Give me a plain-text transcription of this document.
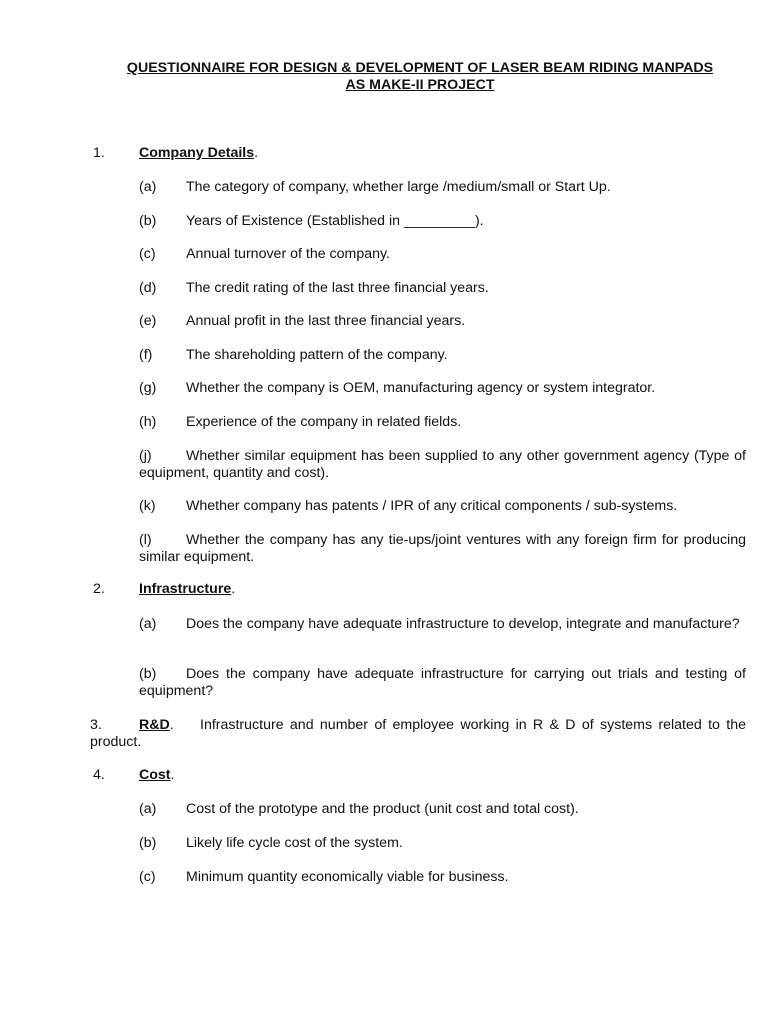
QUESTIONNAIRE FOR DESIGN & DEVELOPMENT OF LASER BEAM RIDING MANPADS
AS MAKE-II PROJECT
1. Company Details.
(a) The category of company, whether large /medium/small or Start Up.
(b) Years of Existence (Established in _________).
(c) Annual turnover of the company.
(d) The credit rating of the last three financial years.
(e) Annual profit in the last three financial years.
(f) The shareholding pattern of the company.
(g) Whether the company is OEM, manufacturing agency or system integrator.
(h) Experience of the company in related fields.
(j) Whether similar equipment has been supplied to any other government agency (Type of equipment, quantity and cost).
(k) Whether company has patents / IPR of any critical components / sub-systems.
(l) Whether the company has any tie-ups/joint ventures with any foreign firm for producing similar equipment.
2. Infrastructure.
(a) Does the company have adequate infrastructure to develop, integrate and manufacture?
(b) Does the company have adequate infrastructure for carrying out trials and testing of equipment?
3.	R&D. Infrastructure and number of employee working in R & D of systems related to the product.
4. Cost.
(a) Cost of the prototype and the product (unit cost and total cost).
(b) Likely life cycle cost of the system.
(c) Minimum quantity economically viable for business.
